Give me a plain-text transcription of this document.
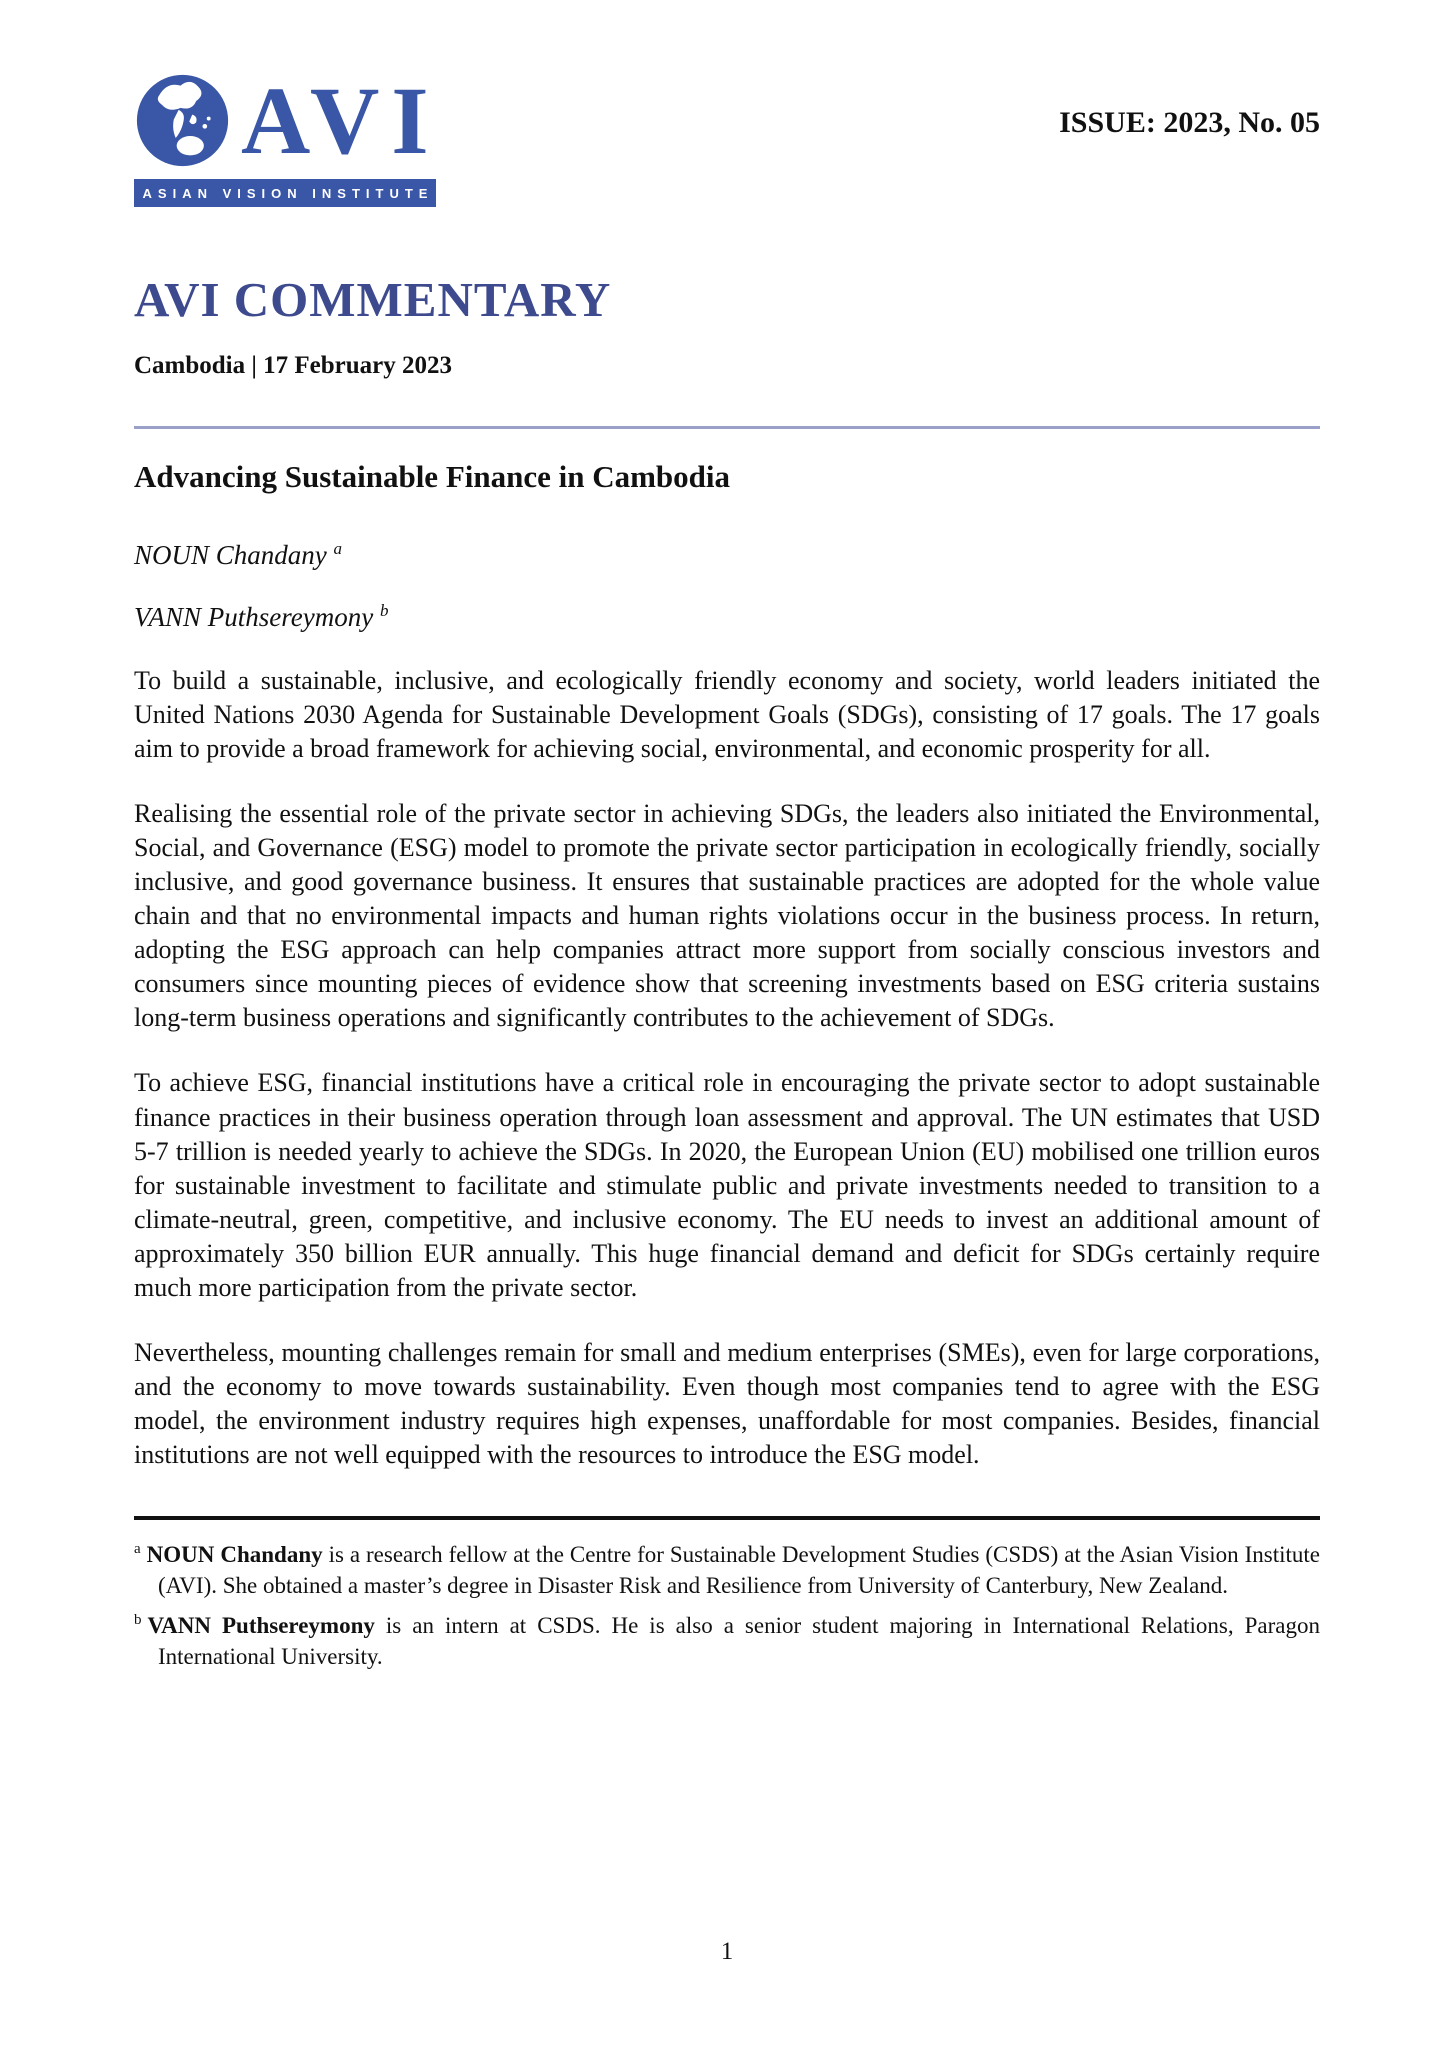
AVI
ASIAN VISION INSTITUTE
ISSUE: 2023, No. 05
AVI COMMENTARY
Cambodia | 17 February 2023
Advancing Sustainable Finance in Cambodia

NOUN Chandany $^a$

VANN Puthsereymony $^b$

To build a sustainable, inclusive, and ecologically friendly economy and society, world leaders initiated the United Nations 2030 Agenda for Sustainable Development Goals (SDGs), consisting of 17 goals. The 17 goals aim to provide a broad framework for achieving social, environmental, and economic prosperity for all.

Realising the essential role of the private sector in achieving SDGs, the leaders also initiated the Environmental, Social, and Governance (ESG) model to promote the private sector participation in ecologically friendly, socially inclusive, and good governance business. It ensures that sustainable practices are adopted for the whole value chain and that no environmental impacts and human rights violations occur in the business process. In return, adopting the ESG approach can help companies attract more support from socially conscious investors and consumers since mounting pieces of evidence show that screening investments based on ESG criteria sustains long-term business operations and significantly contributes to the achievement of SDGs.

To achieve ESG, financial institutions have a critical role in encouraging the private sector to adopt sustainable finance practices in their business operation through loan assessment and approval. The UN estimates that USD 5-7 trillion is needed yearly to achieve the SDGs. In 2020, the European Union (EU) mobilised one trillion euros for sustainable investment to facilitate and stimulate public and private investments needed to transition to a climate-neutral, green, competitive, and inclusive economy. The EU needs to invest an additional amount of approximately 350 billion EUR annually. This huge financial demand and deficit for SDGs certainly require much more participation from the private sector.

Nevertheless, mounting challenges remain for small and medium enterprises (SMEs), even for large corporations, and the economy to move towards sustainability. Even though most companies tend to agree with the ESG model, the environment industry requires high expenses, unaffordable for most companies. Besides, financial institutions are not well equipped with the resources to introduce the ESG model.

$^a$ NOUN Chandany is a research fellow at the Centre for Sustainable Development Studies (CSDS) at the Asian Vision Institute (AVI). She obtained a master’s degree in Disaster Risk and Resilience from University of Canterbury, New Zealand.
$^b$ VANN Puthsereymony is an intern at CSDS. He is also a senior student majoring in International Relations, Paragon International University.
1
